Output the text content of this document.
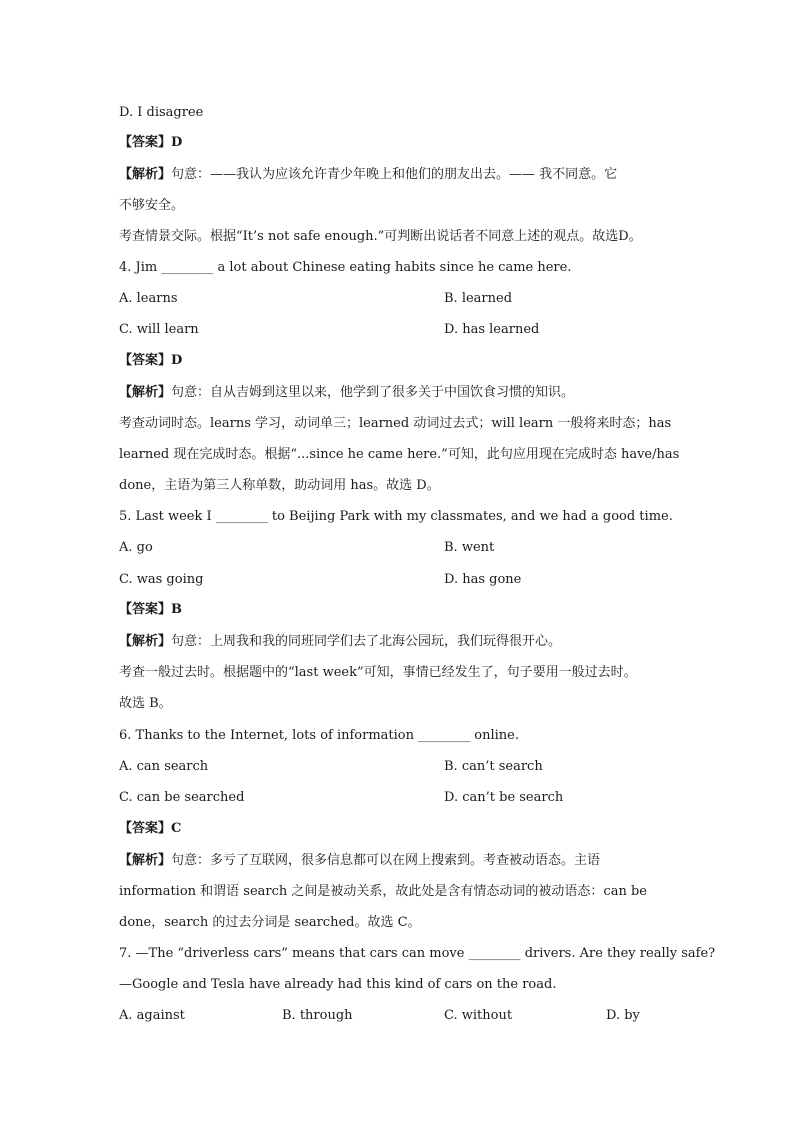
D. I disagree
【答案】D
【解析】句意：——我认为应该允许青少年晚上和他们的朋友出去。—— 我不同意。它
不够安全。
考查情景交际。根据“It’s not safe enough.”可判断出说话者不同意上述的观点。故选D。
4. Jim ________ a lot about Chinese eating habits since he came here.
A. learns	B. learned
C. will learn	D. has learned
【答案】D
【解析】句意：自从吉姆到这里以来，他学到了很多关于中国饮食习惯的知识。
考查动词时态。learns 学习，动词单三；learned 动词过去式；will learn 一般将来时态；has
learned 现在完成时态。根据“...since he came here.”可知，此句应用现在完成时态 have/has
done，主语为第三人称单数，助动词用 has。故选 D。
5. Last week I ________ to Beijing Park with my classmates, and we had a good time.
A. go	B. went
C. was going	D. has gone
【答案】B
【解析】句意：上周我和我的同班同学们去了北海公园玩，我们玩得很开心。
考查一般过去时。根据题中的“last week”可知，事情已经发生了，句子要用一般过去时。
故选 B。
6. Thanks to the Internet, lots of information ________ online.
A. can search	B. can’t search
C. can be searched	D. can’t be search
【答案】C
【解析】句意：多亏了互联网，很多信息都可以在网上搜索到。考查被动语态。主语
information 和谓语 search 之间是被动关系，故此处是含有情态动词的被动语态：can be
done，search 的过去分词是 searched。故选 C。
7. —The “driverless cars” means that cars can move ________ drivers. Are they really safe?
—Google and Tesla have already had this kind of cars on the road.
A. against	B. through	C. without	D. by
